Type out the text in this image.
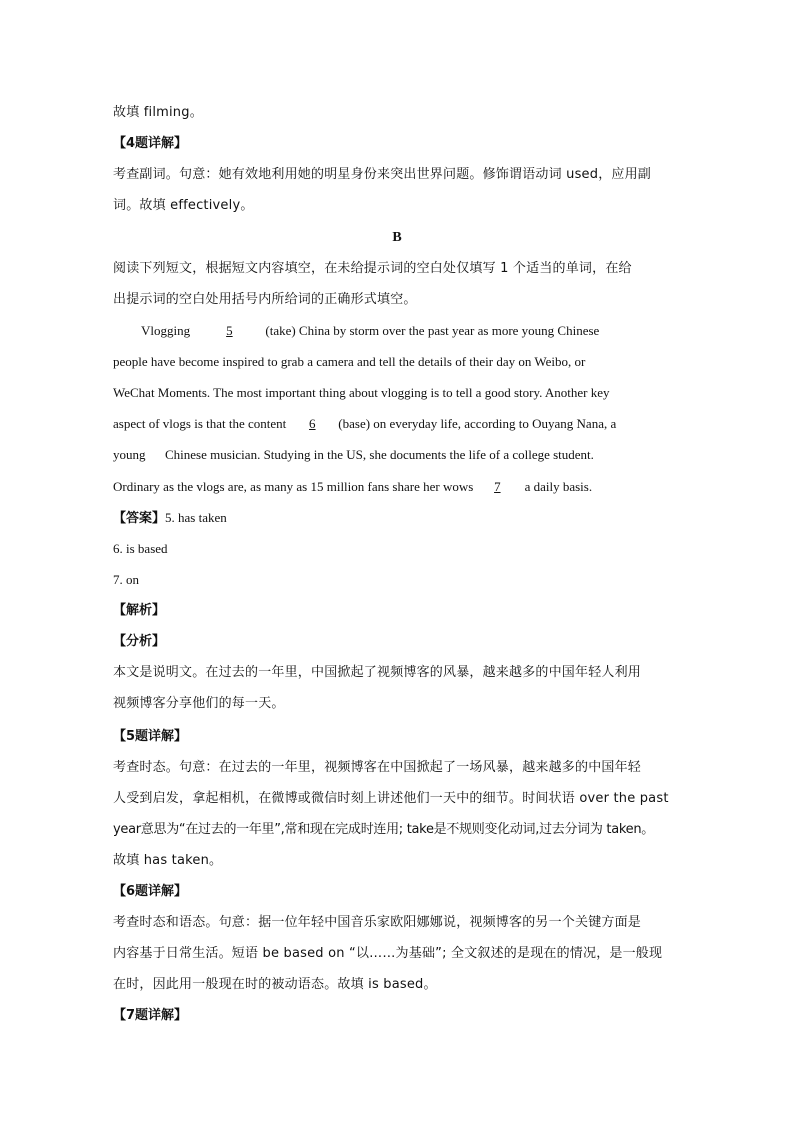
故填 filming。
【4题详解】
考查副词。句意：她有效地利用她的明星身份来突出世界问题。修饰谓语动词 used，应用副
词。故填 effectively。
B
阅读下列短文，根据短文内容填空，在未给提示词的空白处仅填写 1 个适当的单词，在给
出提示词的空白处用括号内所给词的正确形式填空。
Vlogging	5	(take) China by storm over the past year as more young Chinese
people have become inspired to grab a camera and tell the details of their day on Weibo, or
WeChat Moments. The most important thing about vlogging is to tell a good story. Another key
aspect of vlogs is that the content 6 (base) on everyday life, according to Ouyang Nana, a
young      Chinese musician. Studying in the US, she documents the life of a college student.
Ordinary as the vlogs are, as many as 15 million fans share her wows 7 a daily basis.
【答案】5. has taken
6. is based
7. on
【解析】
【分析】
本文是说明文。在过去的一年里，中国掀起了视频博客的风暴，越来越多的中国年轻人利用
视频博客分享他们的每一天。
【5题详解】
考查时态。句意：在过去的一年里，视频博客在中国掀起了一场风暴，越来越多的中国年轻
人受到启发，拿起相机，在微博或微信时刻上讲述他们一天中的细节。时间状语 over the past
year意思为“在过去的一年里”,常和现在完成时连用; take是不规则变化动词,过去分词为 taken。
故填 has taken。
【6题详解】
考查时态和语态。句意：据一位年轻中国音乐家欧阳娜娜说，视频博客的另一个关键方面是
内容基于日常生活。短语 be based on “以……为基础”; 全文叙述的是现在的情况，是一般现
在时，因此用一般现在时的被动语态。故填 is based。
【7题详解】
